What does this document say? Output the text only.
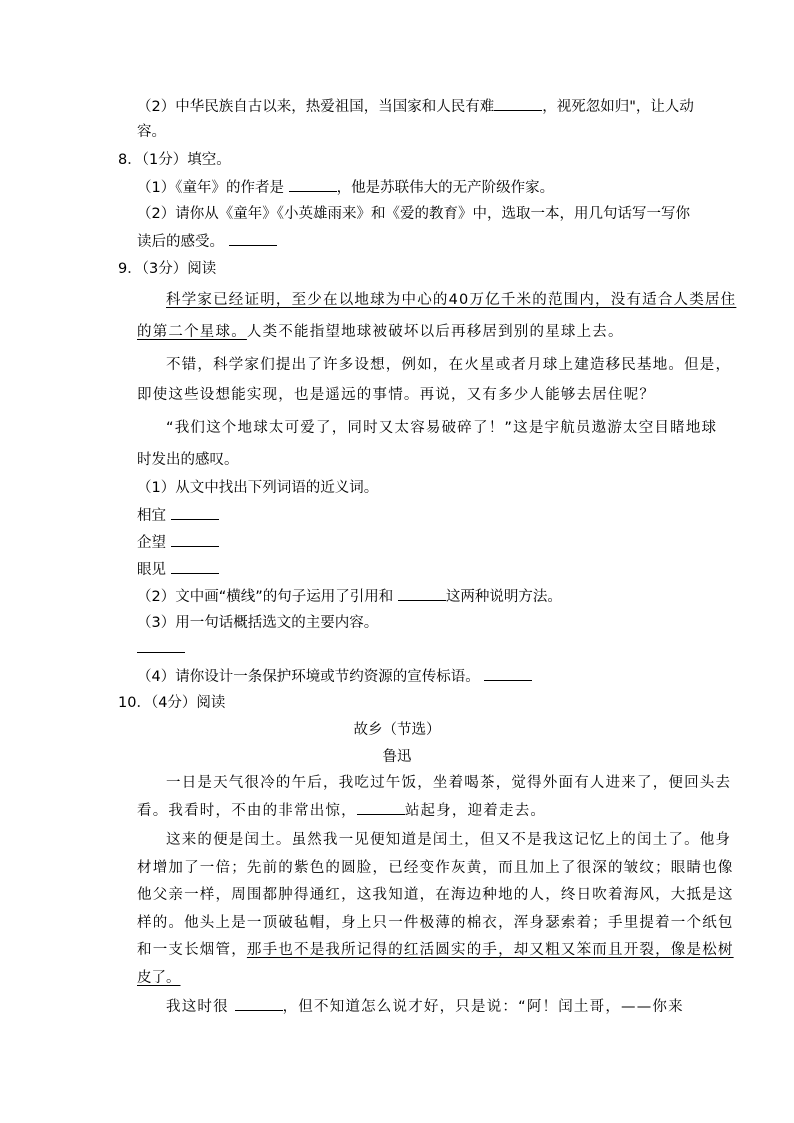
（2）中华民族自古以来，热爱祖国，当国家和人民有难	，视死忽如归"，让人动
容。
8．（1分）填空。
（1）《童年》的作者是	，他是苏联伟大的无产阶级作家。
（2）请你从《童年》《小英雄雨来》和《爱的教育》中，选取一本，用几句话写一写你
读后的感受。
9．（3分）阅读
科学家已经证明，至少在以地球为中心的40万亿千米的范围内，没有适合人类居住
的第二个星球。人类不能指望地球被破坏以后再移居到别的星球上去。
不错，科学家们提出了许多设想，例如，在火星或者月球上建造移民基地。但是，
即使这些设想能实现，也是遥远的事情。再说，又有多少人能够去居住呢？
“我们这个地球太可爱了，同时又太容易破碎了！”这是宇航员遨游太空目睹地球
时发出的感叹。
（1）从文中找出下列词语的近义词。
相宜
企望
眼见
（2）文中画“横线”的句子运用了引用和	这两种说明方法。
（3）用一句话概括选文的主要内容。
（4）请你设计一条保护环境或节约资源的宣传标语。
10．（4分）阅读
故乡（节选）
鲁迅
一日是天气很冷的午后，我吃过午饭，坐着喝茶，觉得外面有人进来了，便回头去
看。我看时，不由的非常出惊，	站起身，迎着走去。
这来的便是闰土。虽然我一见便知道是闰土，但又不是我这记忆上的闰土了。他身
材增加了一倍；先前的紫色的圆脸，已经变作灰黄，而且加上了很深的皱纹；眼睛也像
他父亲一样，周围都肿得通红，这我知道，在海边种地的人，终日吹着海风，大抵是这
样的。他头上是一顶破毡帽，身上只一件极薄的棉衣，浑身瑟索着；手里提着一个纸包
和一支长烟管，那手也不是我所记得的红活圆实的手，却又粗又笨而且开裂，像是松树
皮了。
我这时很	，但不知道怎么说才好，只是说：“阿！闰土哥，——你来
